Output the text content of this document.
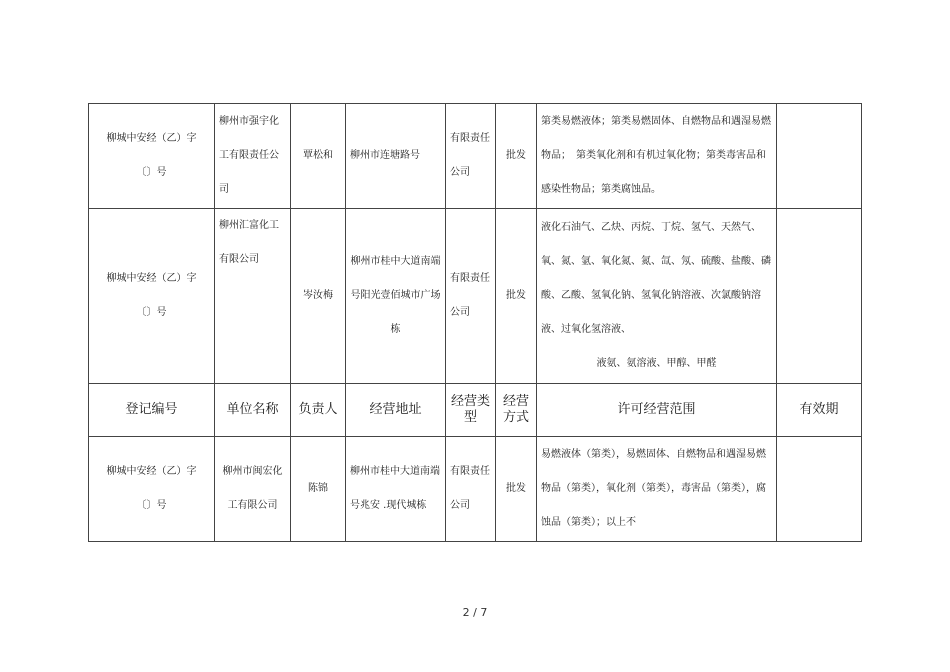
柳城中安经（乙）字
〔〕号	柳州市强宇化工有限责任公司	覃松和	柳州市连塘路号	有限责任公司	批发	第类易燃液体；第类易燃固体、自燃物品和遇湿易燃物品；　第类氧化剂和有机过氧化物；第类毒害品和感染性物品；第类腐蚀品。	
柳城中安经（乙）字
〔〕号	柳州汇富化工有限公司	岑汝梅	柳州市桂中大道南端号阳光壹佰城市广场栋	有限责任公司	批发	液化石油气、乙炔、丙烷、丁烷、氢气、天然气、氧、氮、氩、氧化氮、氮、氙、氖、硫酸、盐酸、磷酸、乙酸、氢氧化钠、氢氧化钠溶液、次氯酸钠溶液、过氧化氢溶液、
液氨、氨溶液、甲醇、甲醛	

登记编号	单位名称	负责人	经营地址	经营类型	经营方式	许可经营范围	有效期
柳城中安经（乙）字
〔〕号	柳州市闽宏化工有限公司	陈锦	柳州市桂中大道南端号兆安 .现代城栋	有限责任公司	批发	易燃液体（第类），易燃固体、自燃物品和遇湿易燃物品（第类），氧化剂（第类），毒害品（第类），腐蚀品（第类）；以上不	
2 / 7
